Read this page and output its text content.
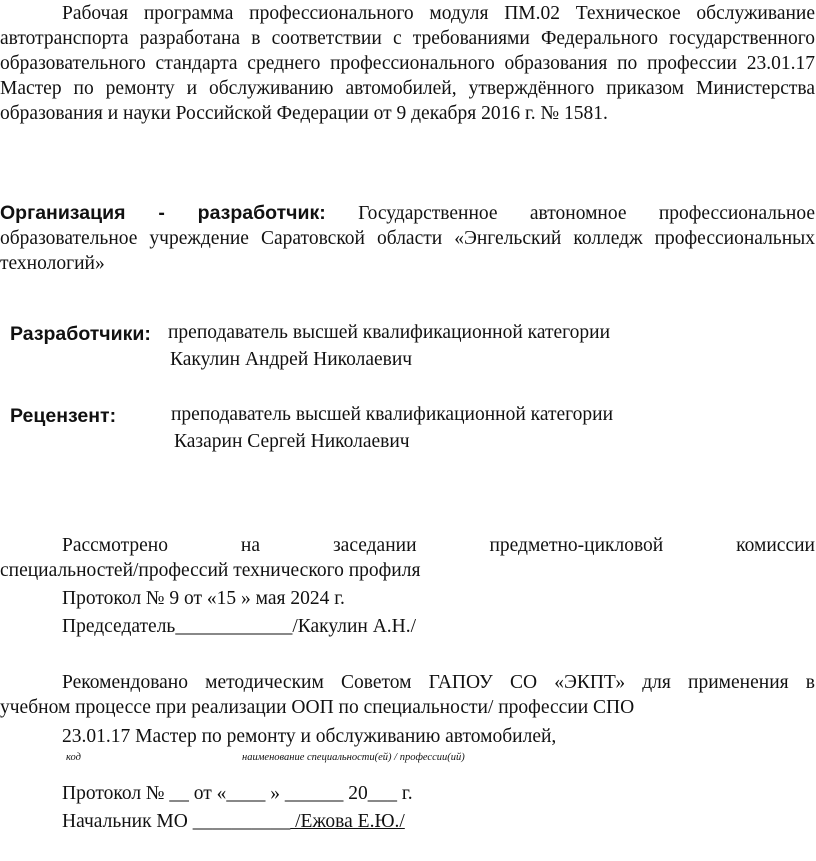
Рабочая программа профессионального модуля ПМ.02 Техническое обслуживание

автотранспорта разработана в соответствии с требованиями Федерального государственного образовательного стандарта среднего профессионального образования по профессии 23.01.17 Мастер по ремонту и обслуживанию автомобилей, утверждённого приказом Министерства образования и науки Российской Федерации от 9 декабря 2016 г. № 1581.

Организация - разработчик: Государственное автономное профессиональное образовательное учреждение Саратовской области «Энгельский колледж профессиональных технологий»

Разработчики: преподаватель высшей квалификационной категории
Какулин Андрей Николаевич
Рецензент:	преподаватель высшей квалификационной категории
Казарин Сергей Николаевич

Рассмотрено на заседании предметно-цикловой комиссии

специальностей/профессий технического профиля

Протокол № 9 от «15 » мая 2024 г.
Председатель____________/Какулин А.Н./

Рекомендовано методическим Советом ГАПОУ СО «ЭКПТ» для применения в

учебном процессе при реализации ООП по специальности/ профессии СПО

23.01.17 Мастер по ремонту и обслуживанию автомобилей,
код	наименование специальности(ей) / профессии(ий)
Протокол № __ от «____ » ______ 20___ г.
Начальник МО __________ /Ежова Е.Ю./
